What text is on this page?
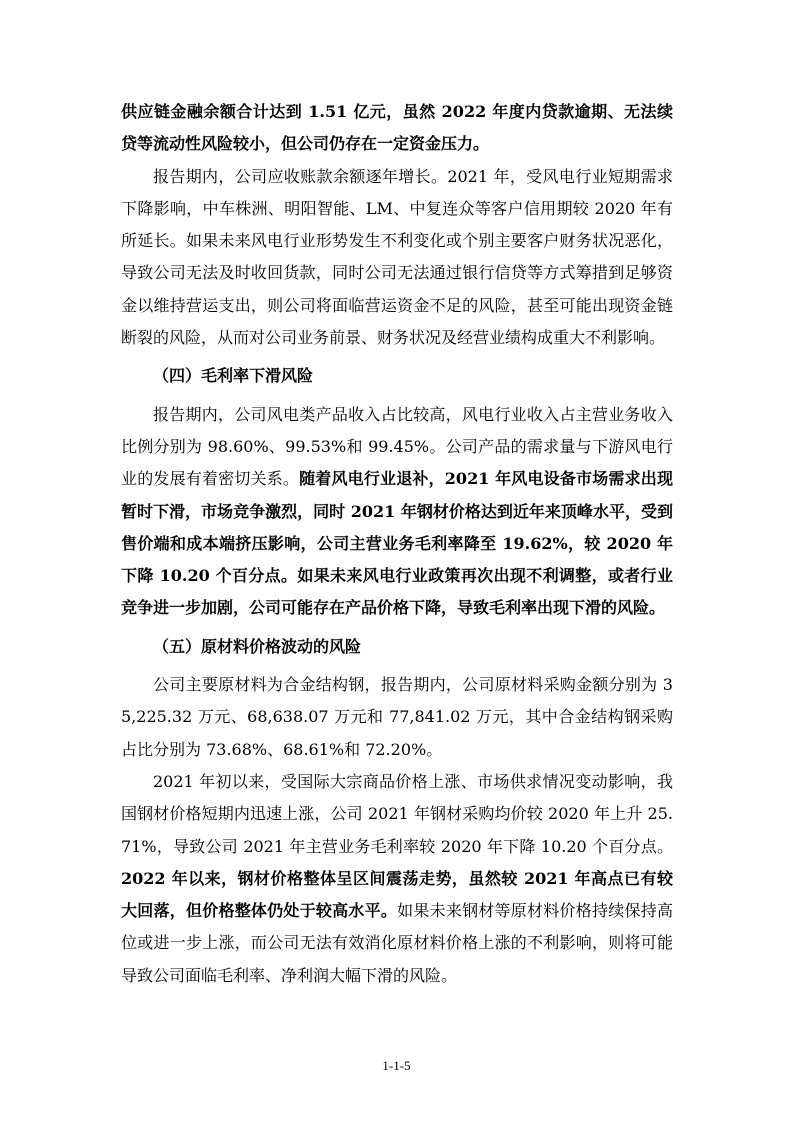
供应链金融余额合计达到 1.51 亿元，虽然 2022 年度内贷款逾期、无法续贷等流动性风险较小，但公司仍存在一定资金压力。

报告期内，公司应收账款余额逐年增长。2021 年，受风电行业短期需求下降影响，中车株洲、明阳智能、LM、中复连众等客户信用期较 2020 年有所延长。如果未来风电行业形势发生不利变化或个别主要客户财务状况恶化，导致公司无法及时收回货款，同时公司无法通过银行信贷等方式筹措到足够资金以维持营运支出，则公司将面临营运资金不足的风险，甚至可能出现资金链断裂的风险，从而对公司业务前景、财务状况及经营业绩构成重大不利影响。

（四）毛利率下滑风险

报告期内，公司风电类产品收入占比较高，风电行业收入占主营业务收入比例分别为 98.60%、99.53%和 99.45%。公司产品的需求量与下游风电行业的发展有着密切关系。随着风电行业退补，2021 年风电设备市场需求出现暂时下滑，市场竞争激烈，同时 2021 年钢材价格达到近年来顶峰水平，受到售价端和成本端挤压影响，公司主营业务毛利率降至 19.62%，较 2020 年下降 10.20 个百分点。如果未来风电行业政策再次出现不利调整，或者行业竞争进一步加剧，公司可能存在产品价格下降，导致毛利率出现下滑的风险。

（五）原材料价格波动的风险

公司主要原材料为合金结构钢，报告期内，公司原材料采购金额分别为 35,225.32 万元、68,638.07 万元和 77,841.02 万元，其中合金结构钢采购占比分别为 73.68%、68.61%和 72.20%。

2021 年初以来，受国际大宗商品价格上涨、市场供求情况变动影响，我国钢材价格短期内迅速上涨，公司 2021 年钢材采购均价较 2020 年上升 25.71%，导致公司 2021 年主营业务毛利率较 2020 年下降 10.20 个百分点。2022 年以来，钢材价格整体呈区间震荡走势，虽然较 2021 年高点已有较大回落，但价格整体仍处于较高水平。如果未来钢材等原材料价格持续保持高位或进一步上涨，而公司无法有效消化原材料价格上涨的不利影响，则将可能导致公司面临毛利率、净利润大幅下滑的风险。

1-1-5
